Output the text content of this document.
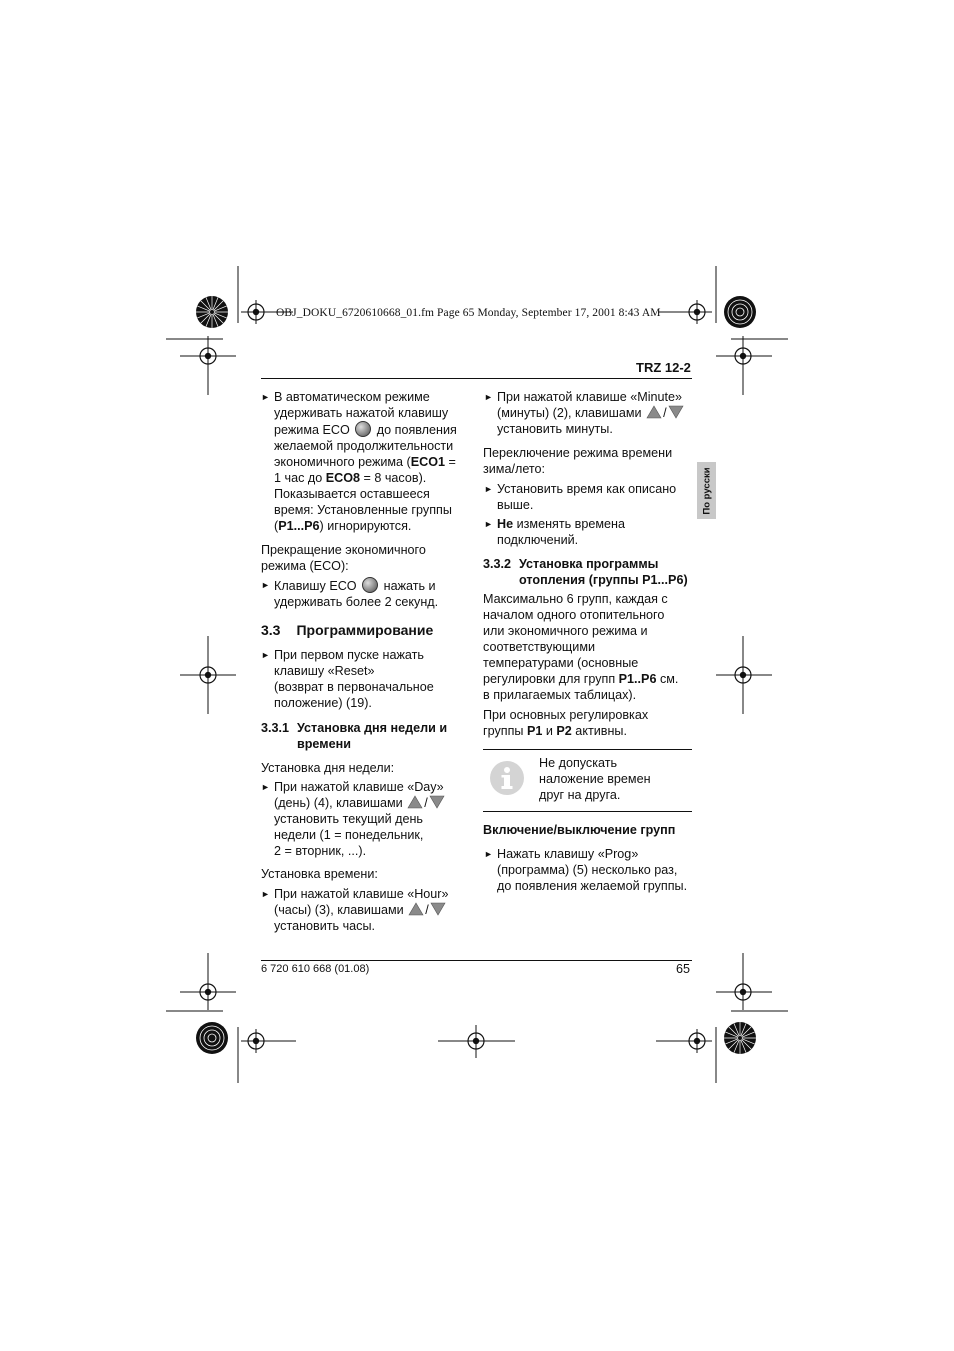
OBJ_DOKU_6720610668_01.fm Page 65 Monday, September 17, 2001 8:43 AM
TRZ 12-2
По русски
► В автоматическом режиме
удерживать нажатой клавишу
режима ECO до появления
желаемой продолжительности
экономичного режима (ECO1 =
1 час до ECO8 = 8 часов).
Показывается оставшееся
время: Установленные группы
(P1...P6) игнорируются.
Прекращение экономичного
режима (ECO):
► Клавишу ECO нажать и
удерживать более 2 секунд.
3.3 Программирование
► При первом пуске нажать
клавишу «Reset»
(возврат в первоначальное
положение) (19).
3.3.1 Установка дня недели и
времени
Установка дня недели:
► При нажатой клавише «Day»
(день) (4), клавишами /
установить текущий день
недели (1 = понедельник,
2 = вторник, ...).
Установка времени:
► При нажатой клавише «Hour»
(часы) (3), клавишами /
установить часы.
► При нажатой клавише «Minute»
(минуты) (2), клавишами /
установить минуты.
Переключение режима времени
зима/лето:
► Установить время как описано
выше.
► Не изменять времена
подключений.
3.3.2 Установка программы
отопления (группы P1...P6)
Максимально 6 групп, каждая с
началом одного отопительного
или экономичного режима и
соответствующими
температурами (основные
регулировки для групп P1..P6 см.
в прилагаемых таблицах).
При основных регулировках
группы P1 и P2 активны.
Не допускать
наложение времен
друг на друга.
Включение/выключение групп
► Нажать клавишу «Prog»
(программа) (5) несколько раз,
до появления желаемой группы.
6 720 610 668 (01.08)	65
